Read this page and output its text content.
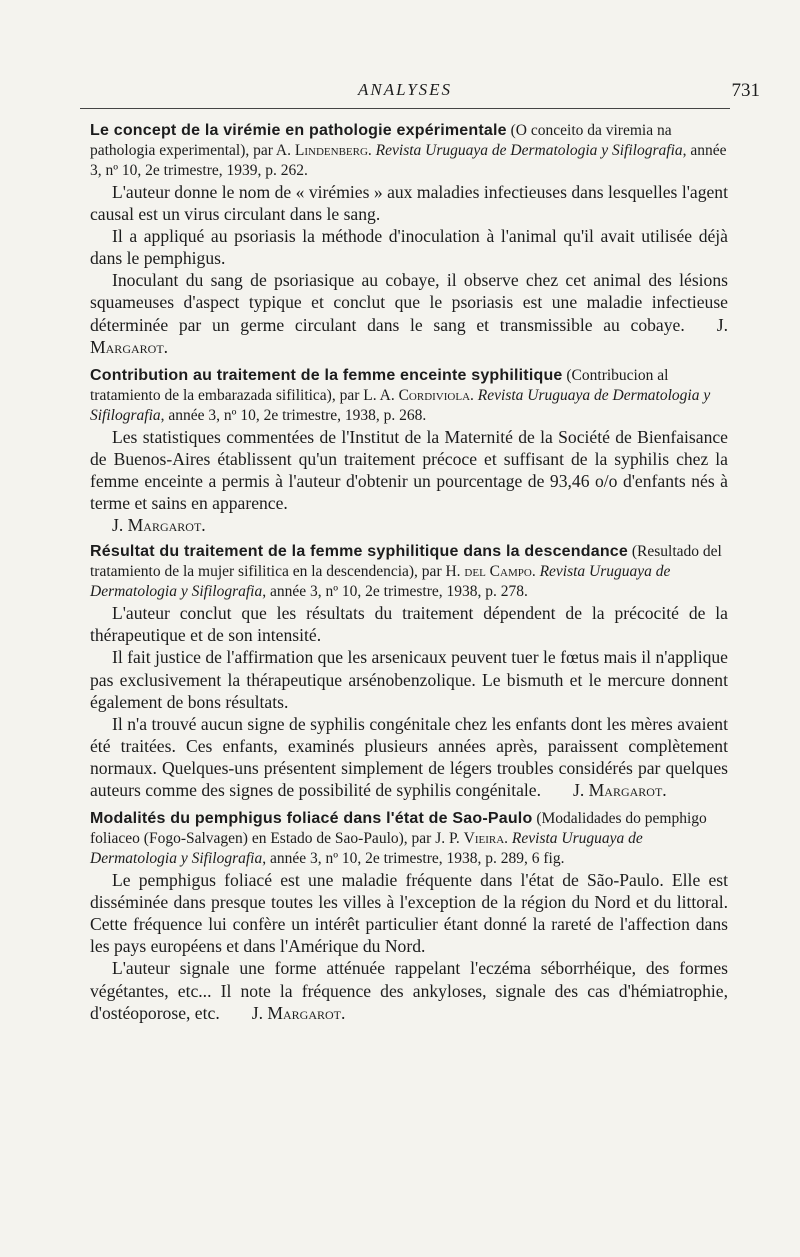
ANALYSES	731

Le concept de la virémie en pathologie expérimentale (O conceito da viremia na pathologia experimental), par A. Lindenberg. Revista Uruguaya de Dermatologia y Sifilografia, année 3, nº 10, 2e trimestre, 1939, p. 262.

L'auteur donne le nom de « virémies » aux maladies infectieuses dans lesquelles l'agent causal est un virus circulant dans le sang.

Il a appliqué au psoriasis la méthode d'inoculation à l'animal qu'il avait utilisée déjà dans le pemphigus.

Inoculant du sang de psoriasique au cobaye, il observe chez cet animal des lésions squameuses d'aspect typique et conclut que le psoriasis est une maladie infectieuse déterminée par un germe circulant dans le sang et transmissible au cobaye. J. Margarot.

Contribution au traitement de la femme enceinte syphilitique (Contribucion al tratamiento de la embarazada sifilitica), par L. A. Cordiviola. Revista Uruguaya de Dermatologia y Sifilografia, année 3, nº 10, 2e trimestre, 1938, p. 268.

Les statistiques commentées de l'Institut de la Maternité de la Société de Bienfaisance de Buenos-Aires établissent qu'un traitement précoce et suffisant de la syphilis chez la femme enceinte a permis à l'auteur d'obtenir un pourcentage de 93,46 o/o d'enfants nés à terme et sains en apparence.

J. Margarot.

Résultat du traitement de la femme syphilitique dans la descendance (Resultado del tratamiento de la mujer sifilitica en la descendencia), par H. del Campo. Revista Uruguaya de Dermatologia y Sifilografia, année 3, nº 10, 2e trimestre, 1938, p. 278.

L'auteur conclut que les résultats du traitement dépendent de la précocité de la thérapeutique et de son intensité.

Il fait justice de l'affirmation que les arsenicaux peuvent tuer le fœtus mais il n'applique pas exclusivement la thérapeutique arsénobenzolique. Le bismuth et le mercure donnent également de bons résultats.

Il n'a trouvé aucun signe de syphilis congénitale chez les enfants dont les mères avaient été traitées. Ces enfants, examinés plusieurs années après, paraissent complètement normaux. Quelques-uns présentent simplement de légers troubles considérés par quelques auteurs comme des signes de possibilité de syphilis congénitale. J. Margarot.

Modalités du pemphigus foliacé dans l'état de Sao-Paulo (Modalidades do pemphigo foliaceo (Fogo-Salvagen) en Estado de Sao-Paulo), par J. P. Vieira. Revista Uruguaya de Dermatologia y Sifilografia, année 3, nº 10, 2e trimestre, 1938, p. 289, 6 fig.

Le pemphigus foliacé est une maladie fréquente dans l'état de São-Paulo. Elle est disséminée dans presque toutes les villes à l'exception de la région du Nord et du littoral. Cette fréquence lui confère un intérêt particulier étant donné la rareté de l'affection dans les pays européens et dans l'Amérique du Nord.

L'auteur signale une forme atténuée rappelant l'eczéma séborrhéique, des formes végétantes, etc... Il note la fréquence des ankyloses, signale des cas d'hémiatrophie, d'ostéoporose, etc. J. Margarot.
